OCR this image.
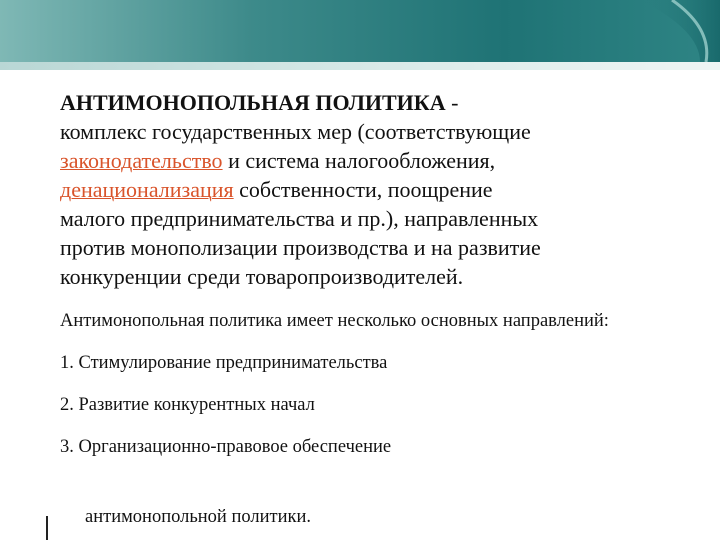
АНТИМОНОПОЛЬНАЯ ПОЛИТИКА -
комплекс государственных мер (соответствующие
законодательство и система налогообложения,
денационализация собственности, поощрение
малого предпринимательства и пр.), направленных
против монополизации производства и на развитие
конкуренции среди товаропроизводителей.

Антимонопольная политика имеет несколько основных направлений:

1. Стимулирование предпринимательства
2. Развитие конкурентных начал
3. Организационно-правовое обеспечение
антимонопольной политики.
